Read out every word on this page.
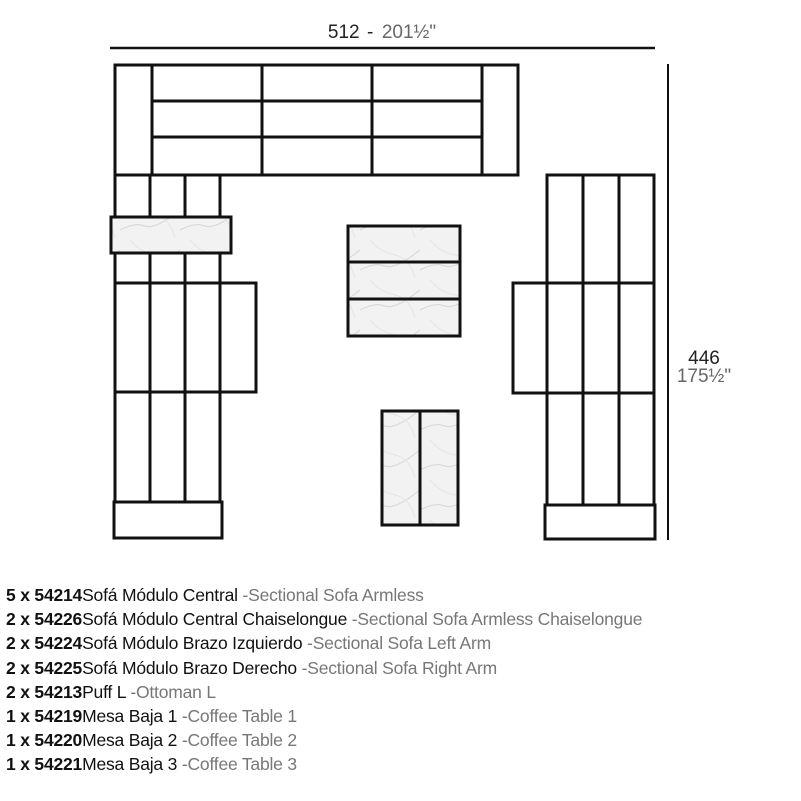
512 - 201½"
446
175½"
5 x 54214Sofá Módulo Central -Sectional Sofa Armless
2 x 54226Sofá Módulo Central Chaiselongue -Sectional Sofa Armless Chaiselongue
2 x 54224Sofá Módulo Brazo Izquierdo -Sectional Sofa Left Arm
2 x 54225Sofá Módulo Brazo Derecho -Sectional Sofa Right Arm
2 x 54213Puff L -Ottoman L
1 x 54219Mesa Baja 1 -Coffee Table 1
1 x 54220Mesa Baja 2 -Coffee Table 2
1 x 54221Mesa Baja 3 -Coffee Table 3
